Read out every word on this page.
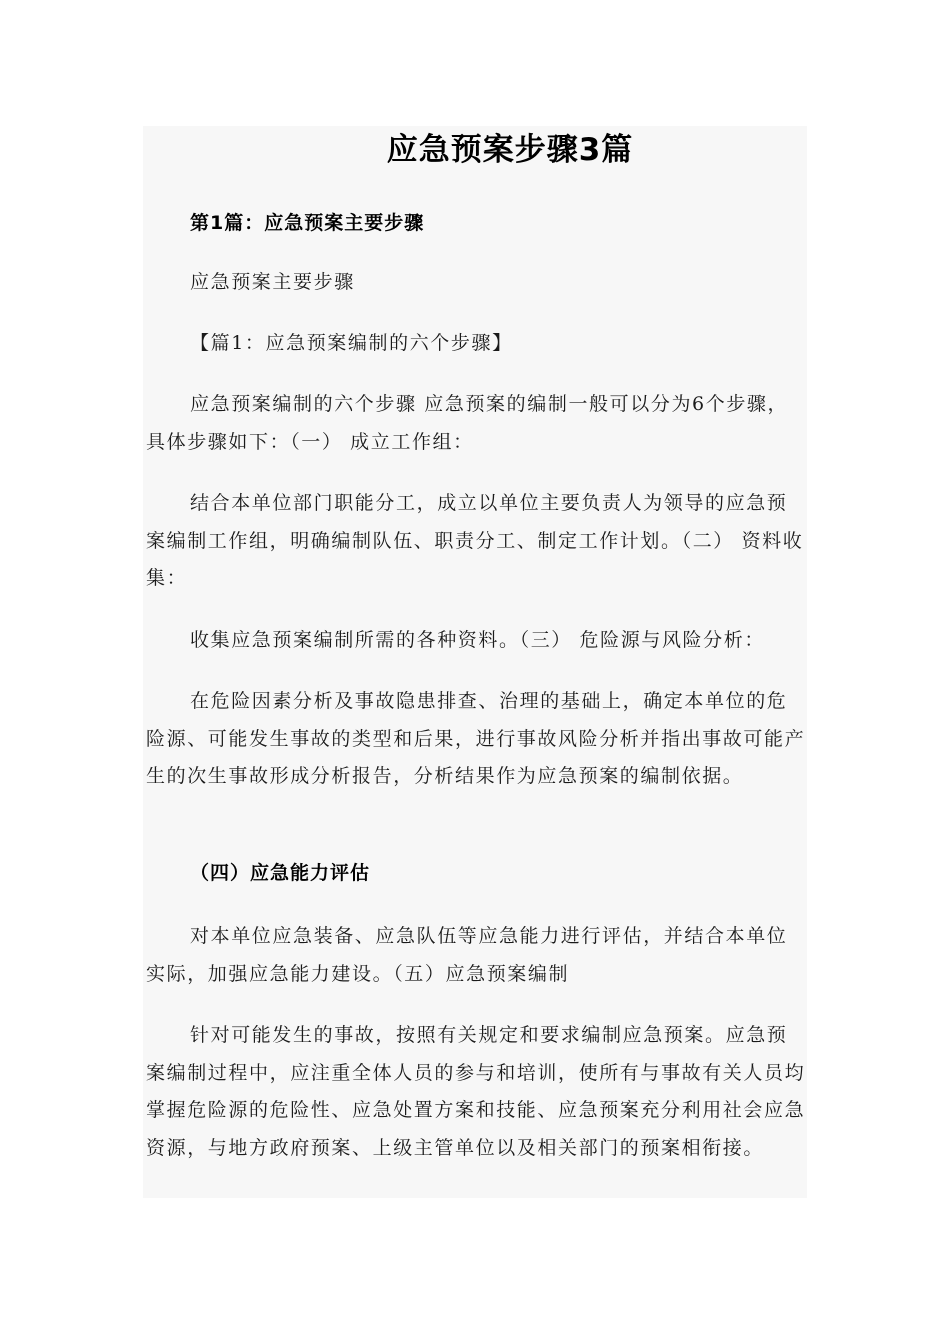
应急预案步骤3篇
第1篇：应急预案主要步骤
应急预案主要步骤
【篇1：应急预案编制的六个步骤】
应急预案编制的六个步骤 应急预案的编制一般可以分为6个步骤，具体步骤如下：（一） 成立工作组：
结合本单位部门职能分工，成立以单位主要负责人为领导的应急预案编制工作组，明确编制队伍、职责分工、制定工作计划。（二） 资料收集：
收集应急预案编制所需的各种资料。（三） 危险源与风险分析：
在危险因素分析及事故隐患排查、治理的基础上，确定本单位的危险源、可能发生事故的类型和后果，进行事故风险分析并指出事故可能产生的次生事故形成分析报告，分析结果作为应急预案的编制依据。
（四）应急能力评估
对本单位应急装备、应急队伍等应急能力进行评估，并结合本单位实际，加强应急能力建设。（五）应急预案编制
针对可能发生的事故，按照有关规定和要求编制应急预案。应急预案编制过程中，应注重全体人员的参与和培训，使所有与事故有关人员均掌握危险源的危险性、应急处置方案和技能、应急预案充分利用社会应急资源，与地方政府预案、上级主管单位以及相关部门的预案相衔接。
